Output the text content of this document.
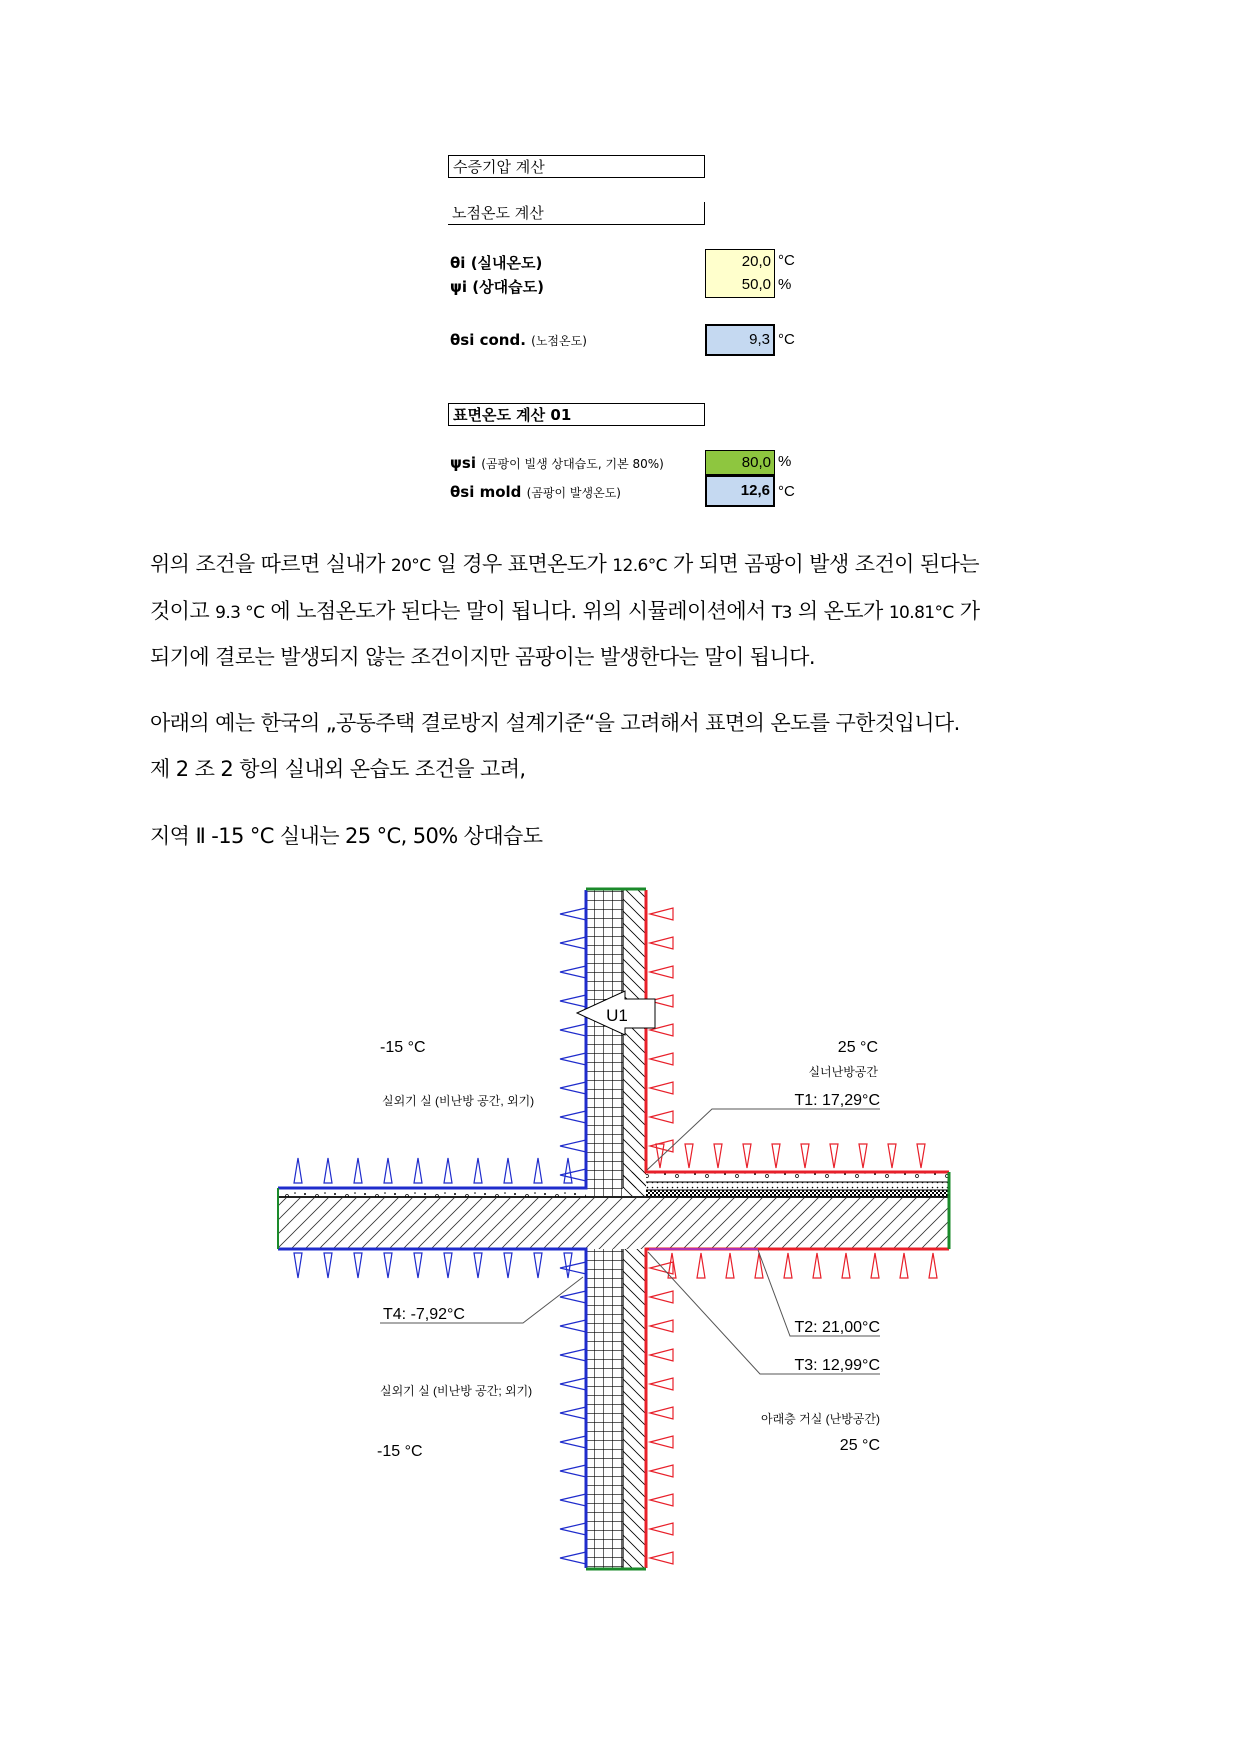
수증기압 계산
노점온도 계산
θi (실내온도)	20,0 °C
ψi (상대습도)	50,0 %
θsi cond. (노점온도)	9,3 °C
표면온도 계산 01
ψsi (곰팡이 빌생 상대습도, 기본 80%)	80,0 %
θsi mold (곰팡이 발생온도)	12,6 °C
위의 조건을 따르면 실내가 20°C 일 경우 표면온도가 12.6°C 가 되면 곰팡이 발생 조건이 된다는
것이고 9.3 °C 에 노점온도가 된다는 말이 됩니다. 위의 시뮬레이션에서 T3 의 온도가 10.81°C 가
되기에 결로는 발생되지 않는 조건이지만 곰팡이는 발생한다는 말이 됩니다.
아래의 예는 한국의 „공동주택 결로방지 설계기준“을 고려해서 표면의 온도를 구한것입니다.
제 2 조 2 항의 실내외 온습도 조건을 고려,
지역 Ⅱ -15 °C 실내는 25 °C, 50% 상대습도
U1
-15 °C
실외기 실 (비난방 공간, 외기)
25 °C
실너난방공간
T1: 17,29°C
T4: -7,92°C
T2: 21,00°C
T3: 12,99°C
실외기 실 (비난방 공간; 외기)
-15 °C
아래층 거실 (난방공간)
25 °C
